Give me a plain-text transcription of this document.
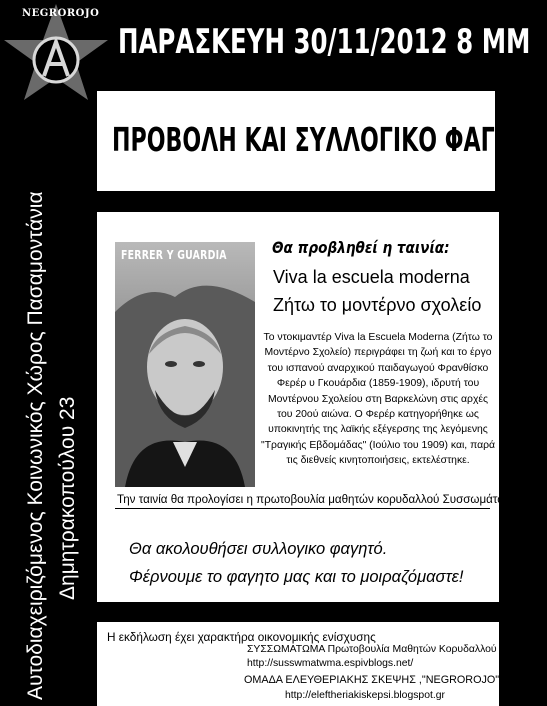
NEGROROJO
ΠΑΡΑΣΚΕΥΗ 30/11/2012 8 ΜΜ
ΠΡΟΒΟΛΗ ΚΑΙ ΣΥΛΛΟΓΙΚΟ ΦΑΓΗΤΟ
Αυτοδιαχειριζόμενος Κοινωνικός Χώρος Πασαμοντάνια Δημητρακοπούλου 23
FERRER Y GUARDIA	Θα προβληθεί η ταινία:
Viva la escuela moderna
Ζήτω το μοντέρνο σχολείο
Το ντοκιμαντέρ Viva la Escuela Moderna (Ζήτω το Μοντέρνο Σχολείο) περιγράφει τη ζωή και το έργο του ισπανού αναρχικού παιδαγωγού Φρανθίσκο Φερέρ υ Γκουάρδια (1859-1909), ιδρυτή του Μοντέρνου Σχολείου στη Βαρκελώνη στις αρχές του 20ού αιώνα. Ο Φερέρ κατηγορήθηκε ως υποκινητής της λαϊκής εξέγερσης της λεγόμενης "Τραγικής Εβδομάδας" (Ιούλιο του 1909) και, παρά τις διεθνείς κινητοποιήσεις, εκτελέστηκε.
Την ταινία θα προλογίσει η πρωτοβουλία μαθητών κορυδαλλού Συσσωμάτωμα
Θα ακολουθήσει συλλογικο φαγητό.
Φέρνουμε το φαγητο μας και το μοιραζόμαστε!
Η εκδήλωση έχει χαρακτήρα οικονομικής ενίσχυσης
ΣΥΣΣΩΜΑΤΩΜΑ Πρωτοβουλία Μαθητών Κορυδαλλού
http://susswmatwma.espivblogs.net/
ΟΜΑΔΑ ΕΛΕΥΘΕΡΙΑΚΗΣ ΣΚΕΨΗΣ ,"NEGROROJO"
http://eleftheriakiskepsi.blogspot.gr
